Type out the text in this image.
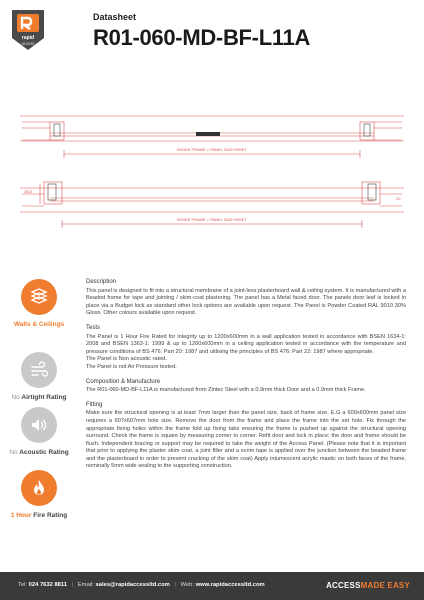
rapid
access
Datasheet
R01-060-MD-BF-L11A
INSIDE FRAME = PANEL SIZE+INSET
INSIDE FRAME = PANEL SIZE+INSET
28.8
20
Walls & Ceilings
No Airtight Rating
No Acoustic Rating
1 Hour Fire Rating
Description
This panel is designed to fit into a structural membrane of a joint-less plasterboard wall & ceiling system. It is manufactured with a Beaded frame for tape and jointing / skim-coat plastering. The panel has a Metal faced door. The panels door leaf is locked in place via a Budget lock as standard other lock options are available upon request. The Panel is Powder Coated RAL 9010 30% Gloss. Other colours available upon request.
Tests
The Panel is 1 Hour Fire Rated for integrity up to 1200x600mm in a wall application tested in accordance with BSEN 1634-1: 2008 and BSEN 1363-1: 1999 & up to 1200x600mm in a ceiling application tested in accordance with the temperature and pressure conditions of BS 476: Part 20: 1987 and utilising the principles of BS 476: Part 22: 1987 where appropriate.
The Panel is Non acoustic rated.
The Panel is not Air Pressure tested.
Composition & Manufacture
The R01-060-MD-BF-L11A is manufactured from Zintec Steel with a 0.9mm thick Door and a 0.9mm thick Frame.
Fitting
Make sure the structural opening is at least 7mm larger than the panel size, back of frame size. E.G a 600x600mm panel size requires a 607x607mm hole size. Remove the door from the frame and place the frame into the set hole. Fix through the appropriate fixing holes within the frame fold up fixing tabs ensuring the frame is pushed up against the structural opening surround. Check the frame is square by measuring corner to corner. Refit door and lock in place; the door and frame should be flush. Independent bracing or support may be required to take the weight of the Access Panel. (Please note that it is important that prior to applying the plaster skim coat, a joint filler and a scrim tape is applied over the junction between the beaded frame and the plasterboard in order to prevent cracking of the skim coat) Apply intumescent acrylic mastic on both faces of the frame, nominally 5mm wide sealing to the supporting construction.
Tel: 024 7632 8811 | Email: sales@rapidaccessltd.com | Web: www.rapidaccessltd.com	ACCESSMADE EASY
